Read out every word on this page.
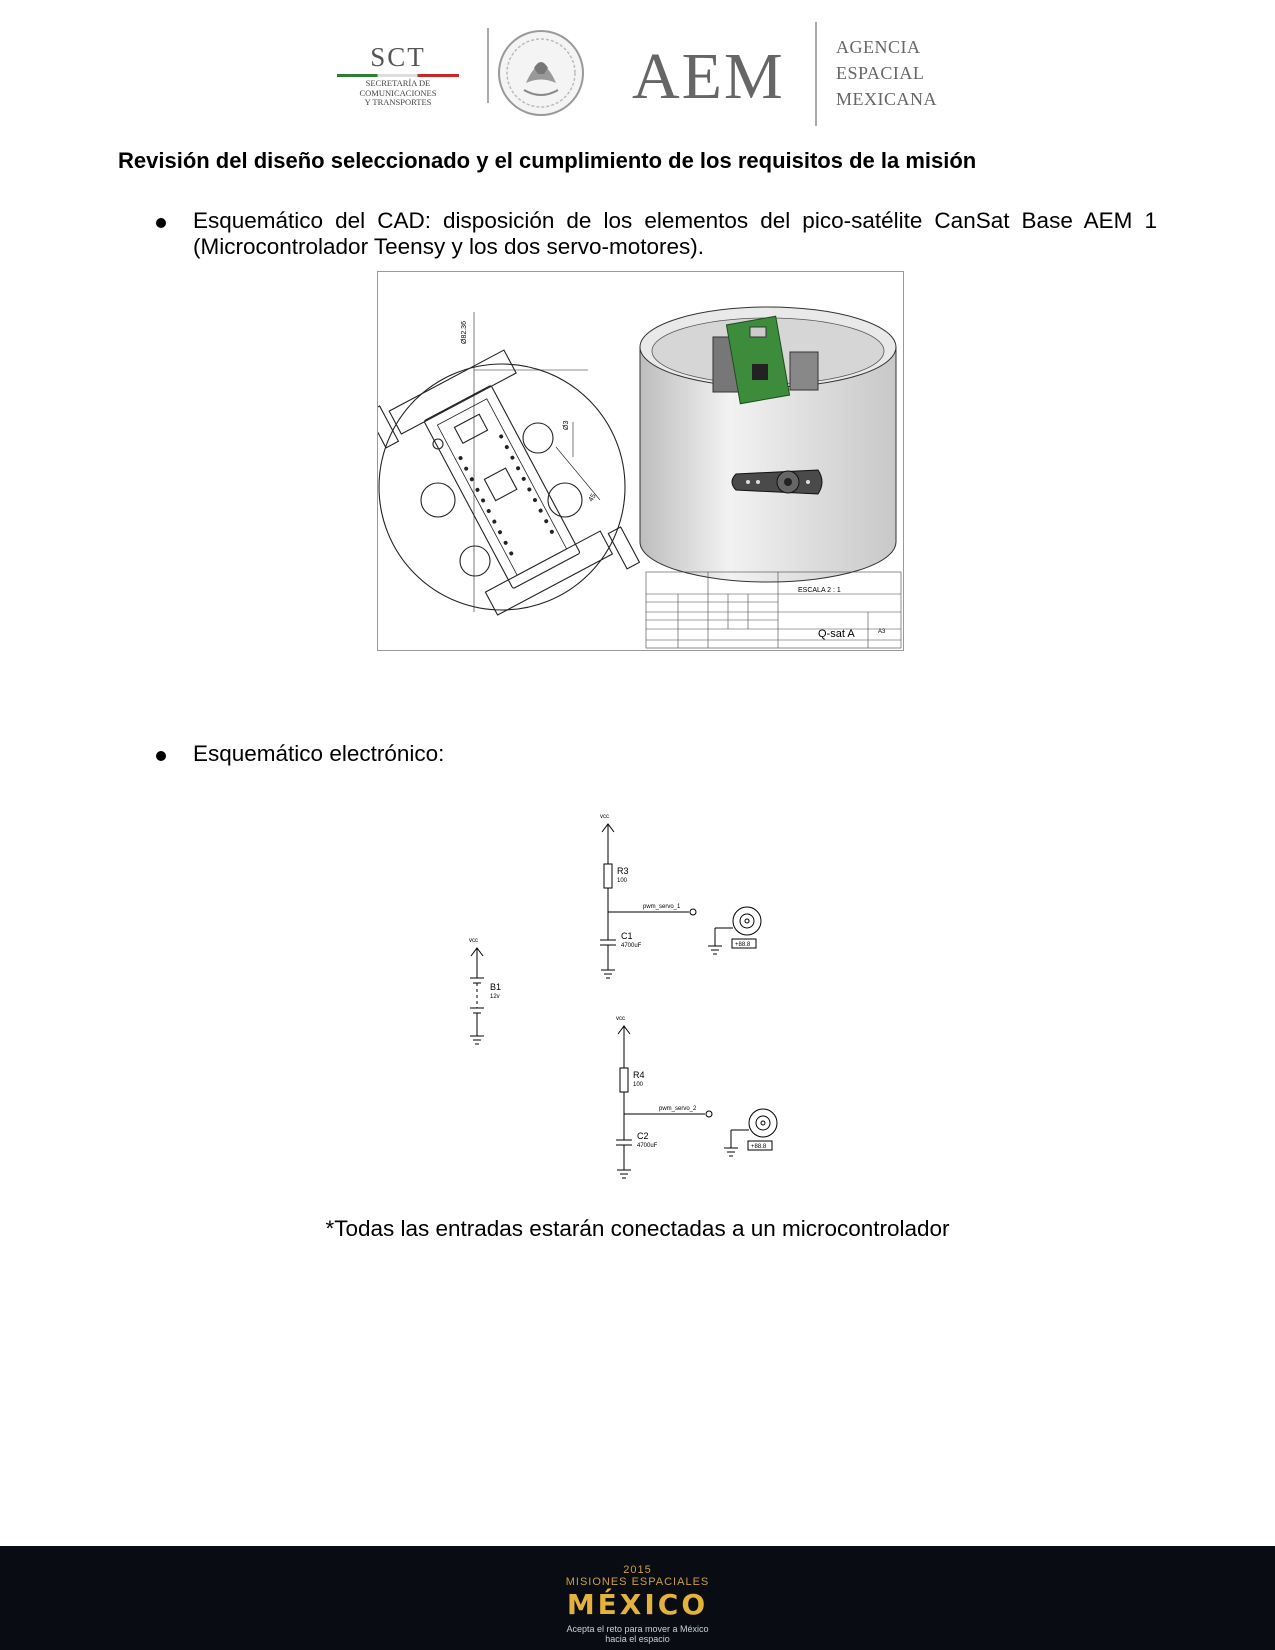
SCT
SECRETARÍA DE
COMUNICACIONES
Y TRANSPORTES	AEM	AGENCIA
ESPACIAL
MEXICANA
Revisión del diseño seleccionado y el cumplimiento de los requisitos de la misión
Esquemático del CAD: disposición de los elementos del pico-satélite CanSat Base AEM 1 (Microcontrolador Teensy y los dos servo-motores).
Ø82.36
Ø3
45
ESCALA 2 : 1
Q-sat A	A3
Esquemático electrónico:
vcc
R3
100
pwm_servo_1
C1
4700uF	+88.8
vcc
B1
12v
vcc
R4
100
pwm_servo_2
C2
4700uF	+88.8
*Todas las entradas estarán conectadas a un microcontrolador
2015
MISIONES ESPACIALES
MÉXICO
Acepta el reto para mover a México
hacia el espacio
